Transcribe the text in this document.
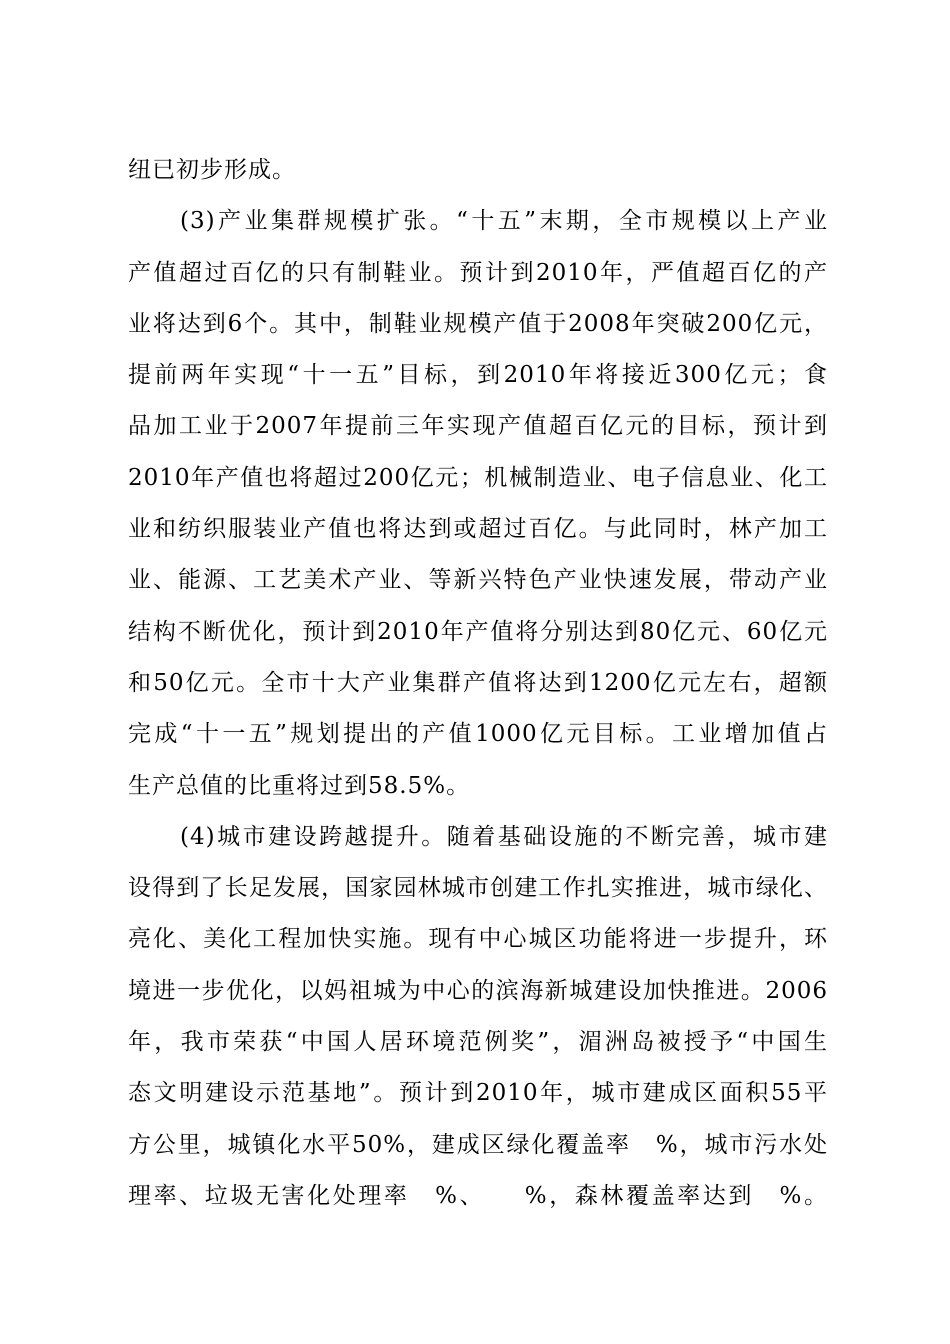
纽已初步形成。
(3)产业集群规模扩张。“十五”末期，全市规模以上产业
产值超过百亿的只有制鞋业。预计到2010年，严值超百亿的产
业将达到6个。其中，制鞋业规模产值于2008年突破200亿元，
提前两年实现“十一五”目标，到2010年将接近300亿元；食
品加工业于2007年提前三年实现产值超百亿元的目标，预计到
2010年产值也将超过200亿元；机械制造业、电子信息业、化工
业和纺织服装业产值也将达到或超过百亿。与此同时，林产加工
业、能源、工艺美术产业、等新兴特色产业快速发展，带动产业
结构不断优化，预计到2010年产值将分别达到80亿元、60亿元
和50亿元。全市十大产业集群产值将达到1200亿元左右，超额
完成“十一五”规划提出的产值1000亿元目标。工业增加值占
生产总值的比重将过到58.5%。
(4)城市建设跨越提升。随着基础设施的不断完善，城市建
设得到了长足发展，国家园林城市创建工作扎实推进，城市绿化、
亮化、美化工程加快实施。现有中心城区功能将进一步提升，环
境进一步优化，以妈祖城为中心的滨海新城建设加快推进。2006
年，我市荣获“中国人居环境范例奖”，湄洲岛被授予“中国生
态文明建设示范基地”。预计到2010年，城市建成区面积55平
方公里，城镇化水平50%，建成区绿化覆盖率　%，城市污水处
理率、垃圾无害化处理率　%、　　%，森林覆盖率达到　%。
